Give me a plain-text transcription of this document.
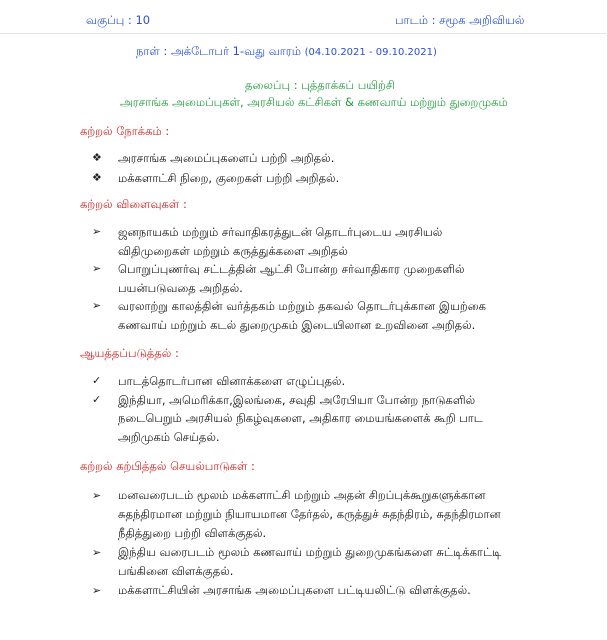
வகுப்பு : 10	பாடம் : சமூக அறிவியல்
நாள் : அக்டோபர் 1-வது வாரம் (04.10.2021 - 09.10.2021)
தலைப்பு : புத்தாக்கப் பயிற்சி
அரசாங்க அமைப்புகள், அரசியல் கட்சிகள் & கணவாய் மற்றும் துறைமுகம்
கற்றல் நோக்கம் :
❖ அரசாங்க அமைப்புகளைப் பற்றி அறிதல்.
❖ மக்களாட்சி நிறை, குறைகள் பற்றி அறிதல்.
கற்றல் விளைவுகள் :
➢ ஜனநாயகம் மற்றும் சர்வாதிகரத்துடன் தொடர்புடைய அரசியல்
விதிமுறைகள் மற்றும் கருத்துக்களை அறிதல்
➢ பொறுப்புணர்வு சட்டத்தின் ஆட்சி போன்ற சர்வாதிகார முறைகளில்
பயன்படுவதை அறிதல்.
➢ வரலாற்று காலத்தின் வர்த்தகம் மற்றும் தகவல் தொடர்புக்கான இயற்கை
கணவாய் மற்றும் கடல் துறைமுகம் இடையிலான உறவினை அறிதல்.
ஆயத்தப்படுத்தல் :
✓ பாடத்தொடர்பான வினாக்களை எழுப்புதல்.
✓ இந்தியா, அமெரிக்கா,இலங்கை, சவுதி அரேபியா போன்ற நாடுகளில்
நடைபெறும் அரசியல் நிகழ்வுகளை, அதிகார மையங்களைக் கூறி பாட
அறிமுகம் செய்தல்.
கற்றல் கற்பித்தல் செயல்பாடுகள் :
➢ மனவரைபடம் மூலம் மக்களாட்சி மற்றும் அதன் சிறப்புக்கூறுகளுக்கான
சுதந்திரமான மற்றும் நியாயமான தேர்தல், கருத்துச் சுதந்திரம், சுதந்திரமான
நீதித்துறை பற்றி விளக்குதல்.
➢ இந்திய வரைபடம் மூலம் கணவாய் மற்றும் துறைமுகங்களை சுட்டிக்காட்டி
பங்கினை விளக்குதல்.
➢ மக்களாட்சியின் அரசாங்க அமைப்புகளை பட்டியலிட்டு விளக்குதல்.
